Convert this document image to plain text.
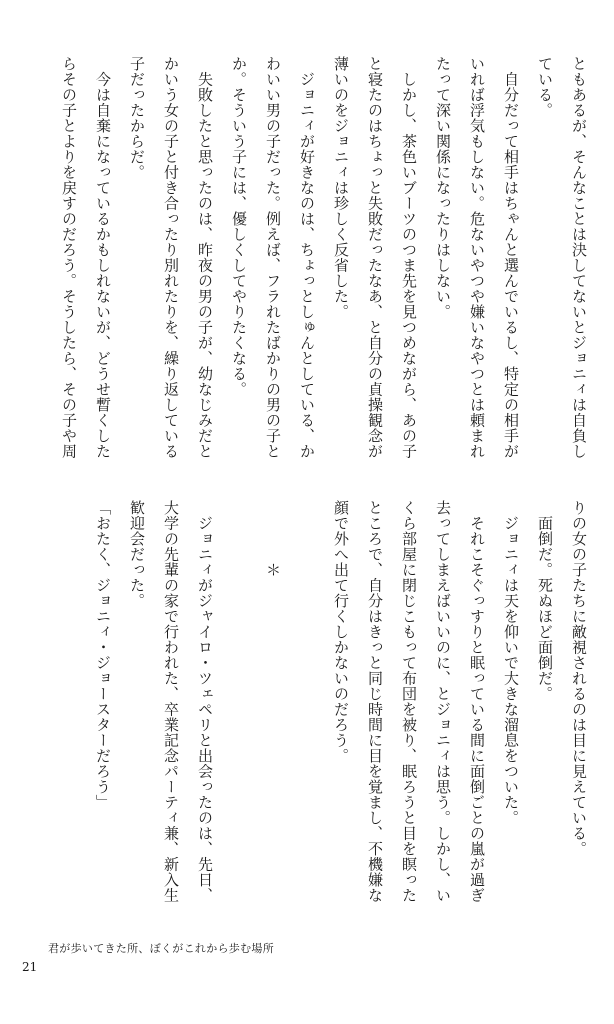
ともあるが、そんなことは決してないとジョニィは自負し
ている。
　自分だって相手はちゃんと選んでいるし、特定の相手が
いれば浮気もしない。危ないやつや嫌いなやつとは頼まれ
たって深い関係になったりはしない。
　しかし、茶色いブーツのつま先を見つめながら、あの子
と寝たのはちょっと失敗だったなあ、と自分の貞操観念が
薄いのをジョニィは珍しく反省した。
　ジョニィが好きなのは、ちょっとしゅんとしている、か
わいい男の子だった。例えば、フラれたばかりの男の子と
か。そういう子には、優しくしてやりたくなる。
　失敗したと思ったのは、昨夜の男の子が、幼なじみだと
かいう女の子と付き合ったり別れたりを、繰り返している
子だったからだ。
　今は自棄になっているかもしれないが、どうせ暫くした
らその子とよりを戻すのだろう。そうしたら、その子や周
りの女の子たちに敵視されるのは目に見えている。
　面倒だ。死ぬほど面倒だ。
　ジョニィは天を仰いで大きな溜息をついた。
　それこそぐっすりと眠っている間に面倒ごとの嵐が過ぎ
去ってしまえばいいのに、とジョニィは思う。しかし、い
くら部屋に閉じこもって布団を被り、眠ろうと目を瞑った
ところで、自分はきっと同じ時間に目を覚まし、不機嫌な
顔で外へ出て行くしかないのだろう。

　　　　＊

　ジョニィがジャイロ・ツェペリと出会ったのは、先日、
大学の先輩の家で行われた、卒業記念パーティ兼、新入生
歓迎会だった。
「おたく、ジョニィ・ジョースターだろう」
君が歩いてきた所、ぼくがこれから歩む場所
21
